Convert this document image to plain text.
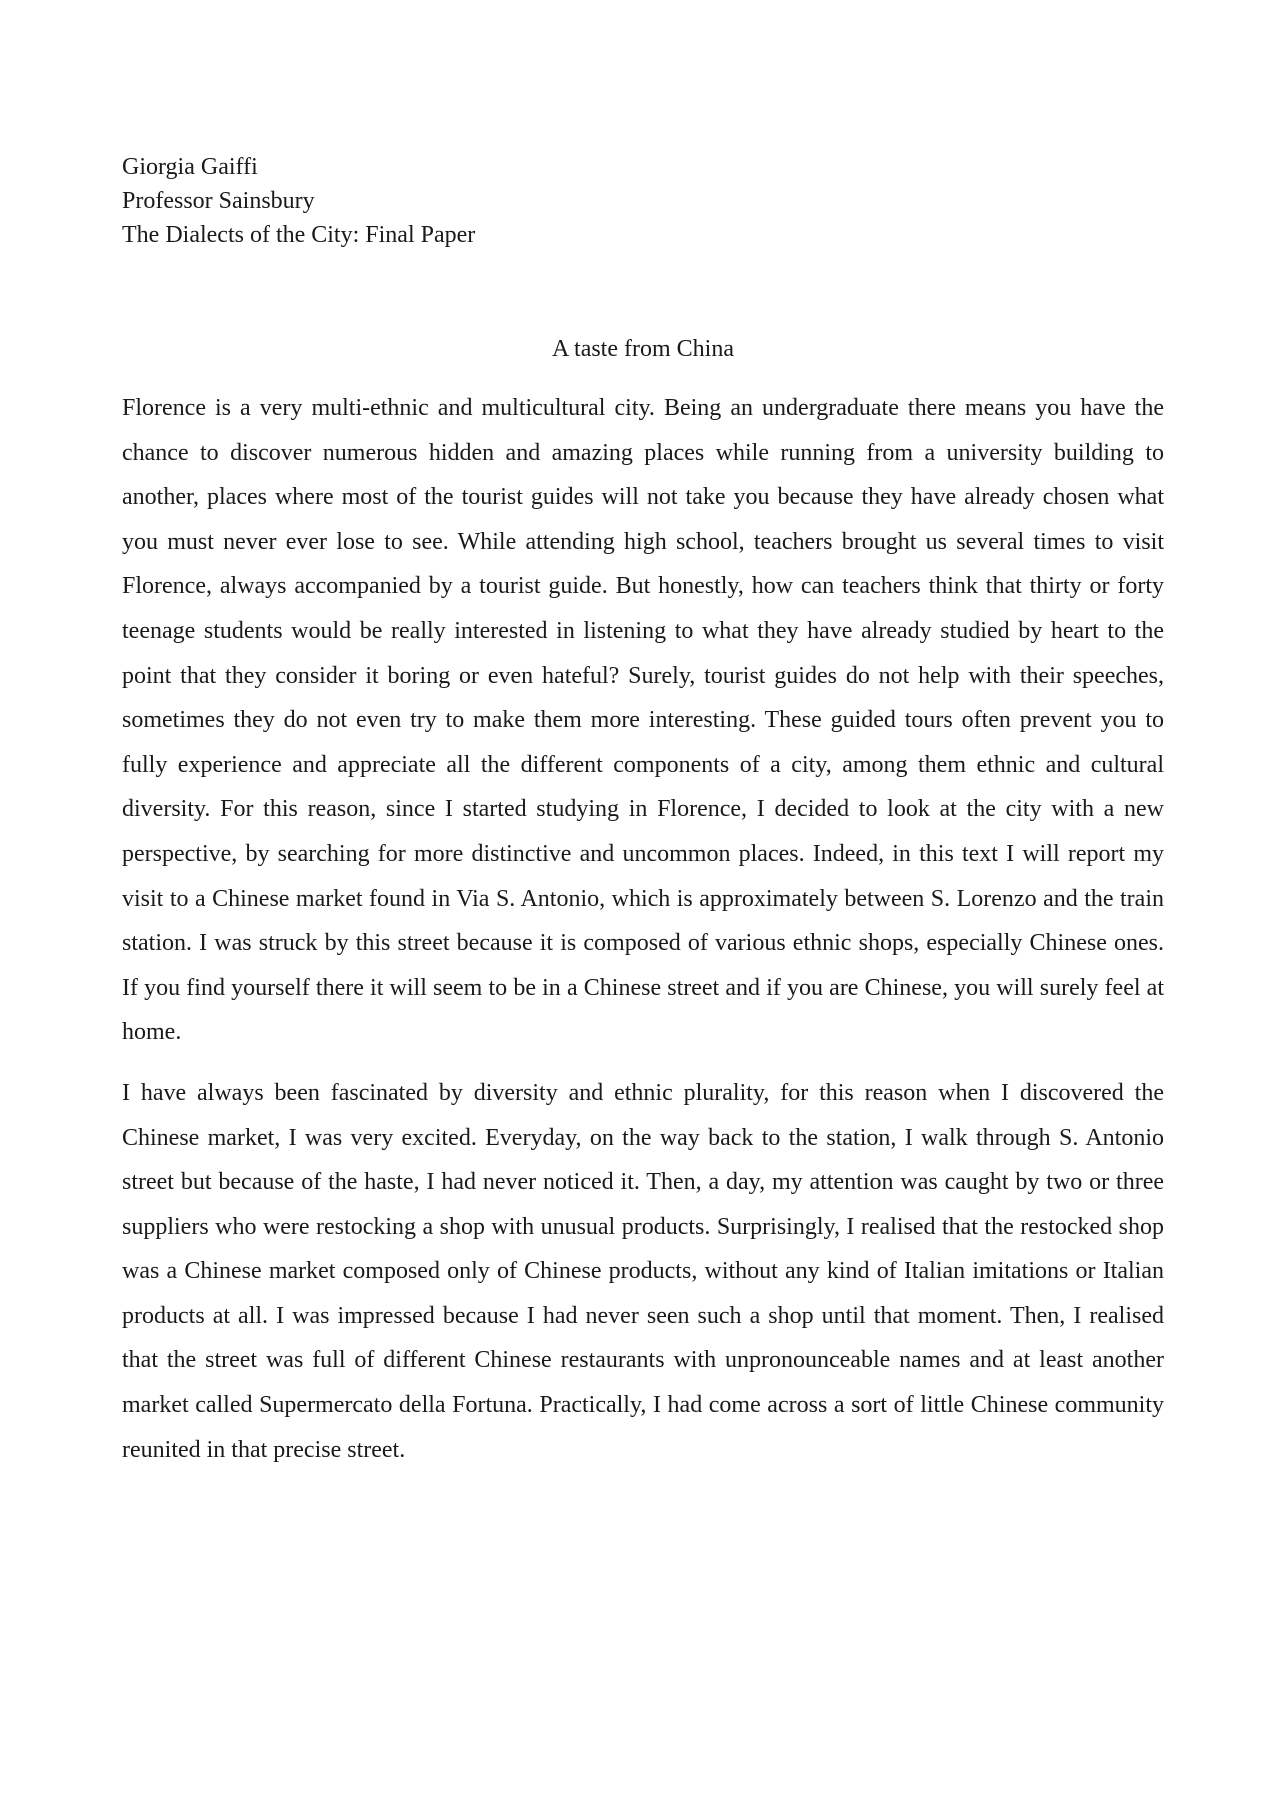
Giorgia Gaiffi

Professor Sainsbury

The Dialects of the City: Final Paper

A taste from China

Florence is a very multi-ethnic and multicultural city. Being an undergraduate there means you have the chance to discover numerous hidden and amazing places while running from a university building to another, places where most of the tourist guides will not take you because they have already chosen what you must never ever lose to see. While attending high school, teachers brought us several times to visit Florence, always accompanied by a tourist guide. But honestly, how can teachers think that thirty or forty teenage students would be really interested in listening to what they have already studied by heart to the point that they consider it boring or even hateful? Surely, tourist guides do not help with their speeches, sometimes they do not even try to make them more interesting. These guided tours often prevent you to fully experience and appreciate all the different components of a city, among them ethnic and cultural diversity. For this reason, since I started studying in Florence, I decided to look at the city with a new perspective, by searching for more distinctive and uncommon places. Indeed, in this text I will report my visit to a Chinese market found in Via S. Antonio, which is approximately between S. Lorenzo and the train station. I was struck by this street because it is composed of various ethnic shops, especially Chinese ones. If you find yourself there it will seem to be in a Chinese street and if you are Chinese, you will surely feel at home.

I have always been fascinated by diversity and ethnic plurality, for this reason when I discovered the Chinese market, I was very excited. Everyday, on the way back to the station, I walk through S. Antonio street but because of the haste, I had never noticed it. Then, a day, my attention was caught by two or three suppliers who were restocking a shop with unusual products. Surprisingly, I realised that the restocked shop was a Chinese market composed only of Chinese products, without any kind of Italian imitations or Italian products at all. I was impressed because I had never seen such a shop until that moment. Then, I realised that the street was full of different Chinese restaurants with unpronounceable names and at least another market called Supermercato della Fortuna. Practically, I had come across a sort of little Chinese community reunited in that precise street.
